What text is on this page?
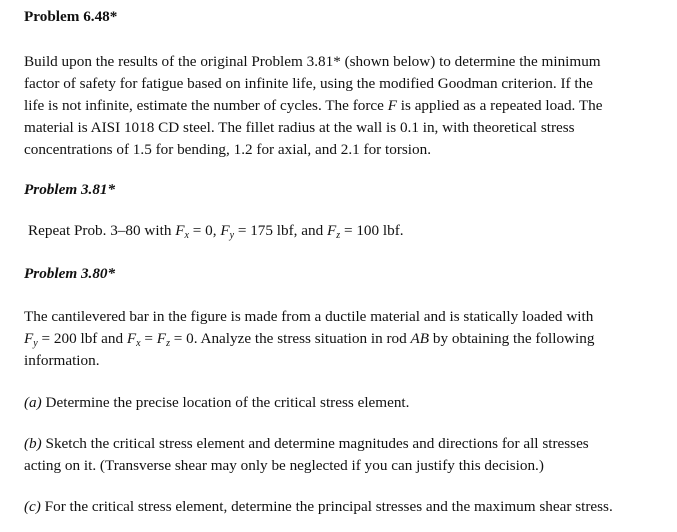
Problem 6.48*
Build upon the results of the original Problem 3.81* (shown below) to determine the minimum
factor of safety for fatigue based on infinite life, using the modified Goodman criterion. If the
life is not infinite, estimate the number of cycles. The force F is applied as a repeated load. The
material is AISI 1018 CD steel. The fillet radius at the wall is 0.1 in, with theoretical stress
concentrations of 1.5 for bending, 1.2 for axial, and 2.1 for torsion.
Problem 3.81*
Repeat Prob. 3–80 with $F_x = 0$, $F_y = 175$ lbf, and $F_z = 100$ lbf.
Problem 3.80*
The cantilevered bar in the figure is made from a ductile material and is statically loaded with
$F_y = 200$ lbf and $F_x = F_z = 0$. Analyze the stress situation in rod AB by obtaining the following
information.
(a) Determine the precise location of the critical stress element.
(b) Sketch the critical stress element and determine magnitudes and directions for all stresses
acting on it. (Transverse shear may only be neglected if you can justify this decision.)
(c) For the critical stress element, determine the principal stresses and the maximum shear stress.
